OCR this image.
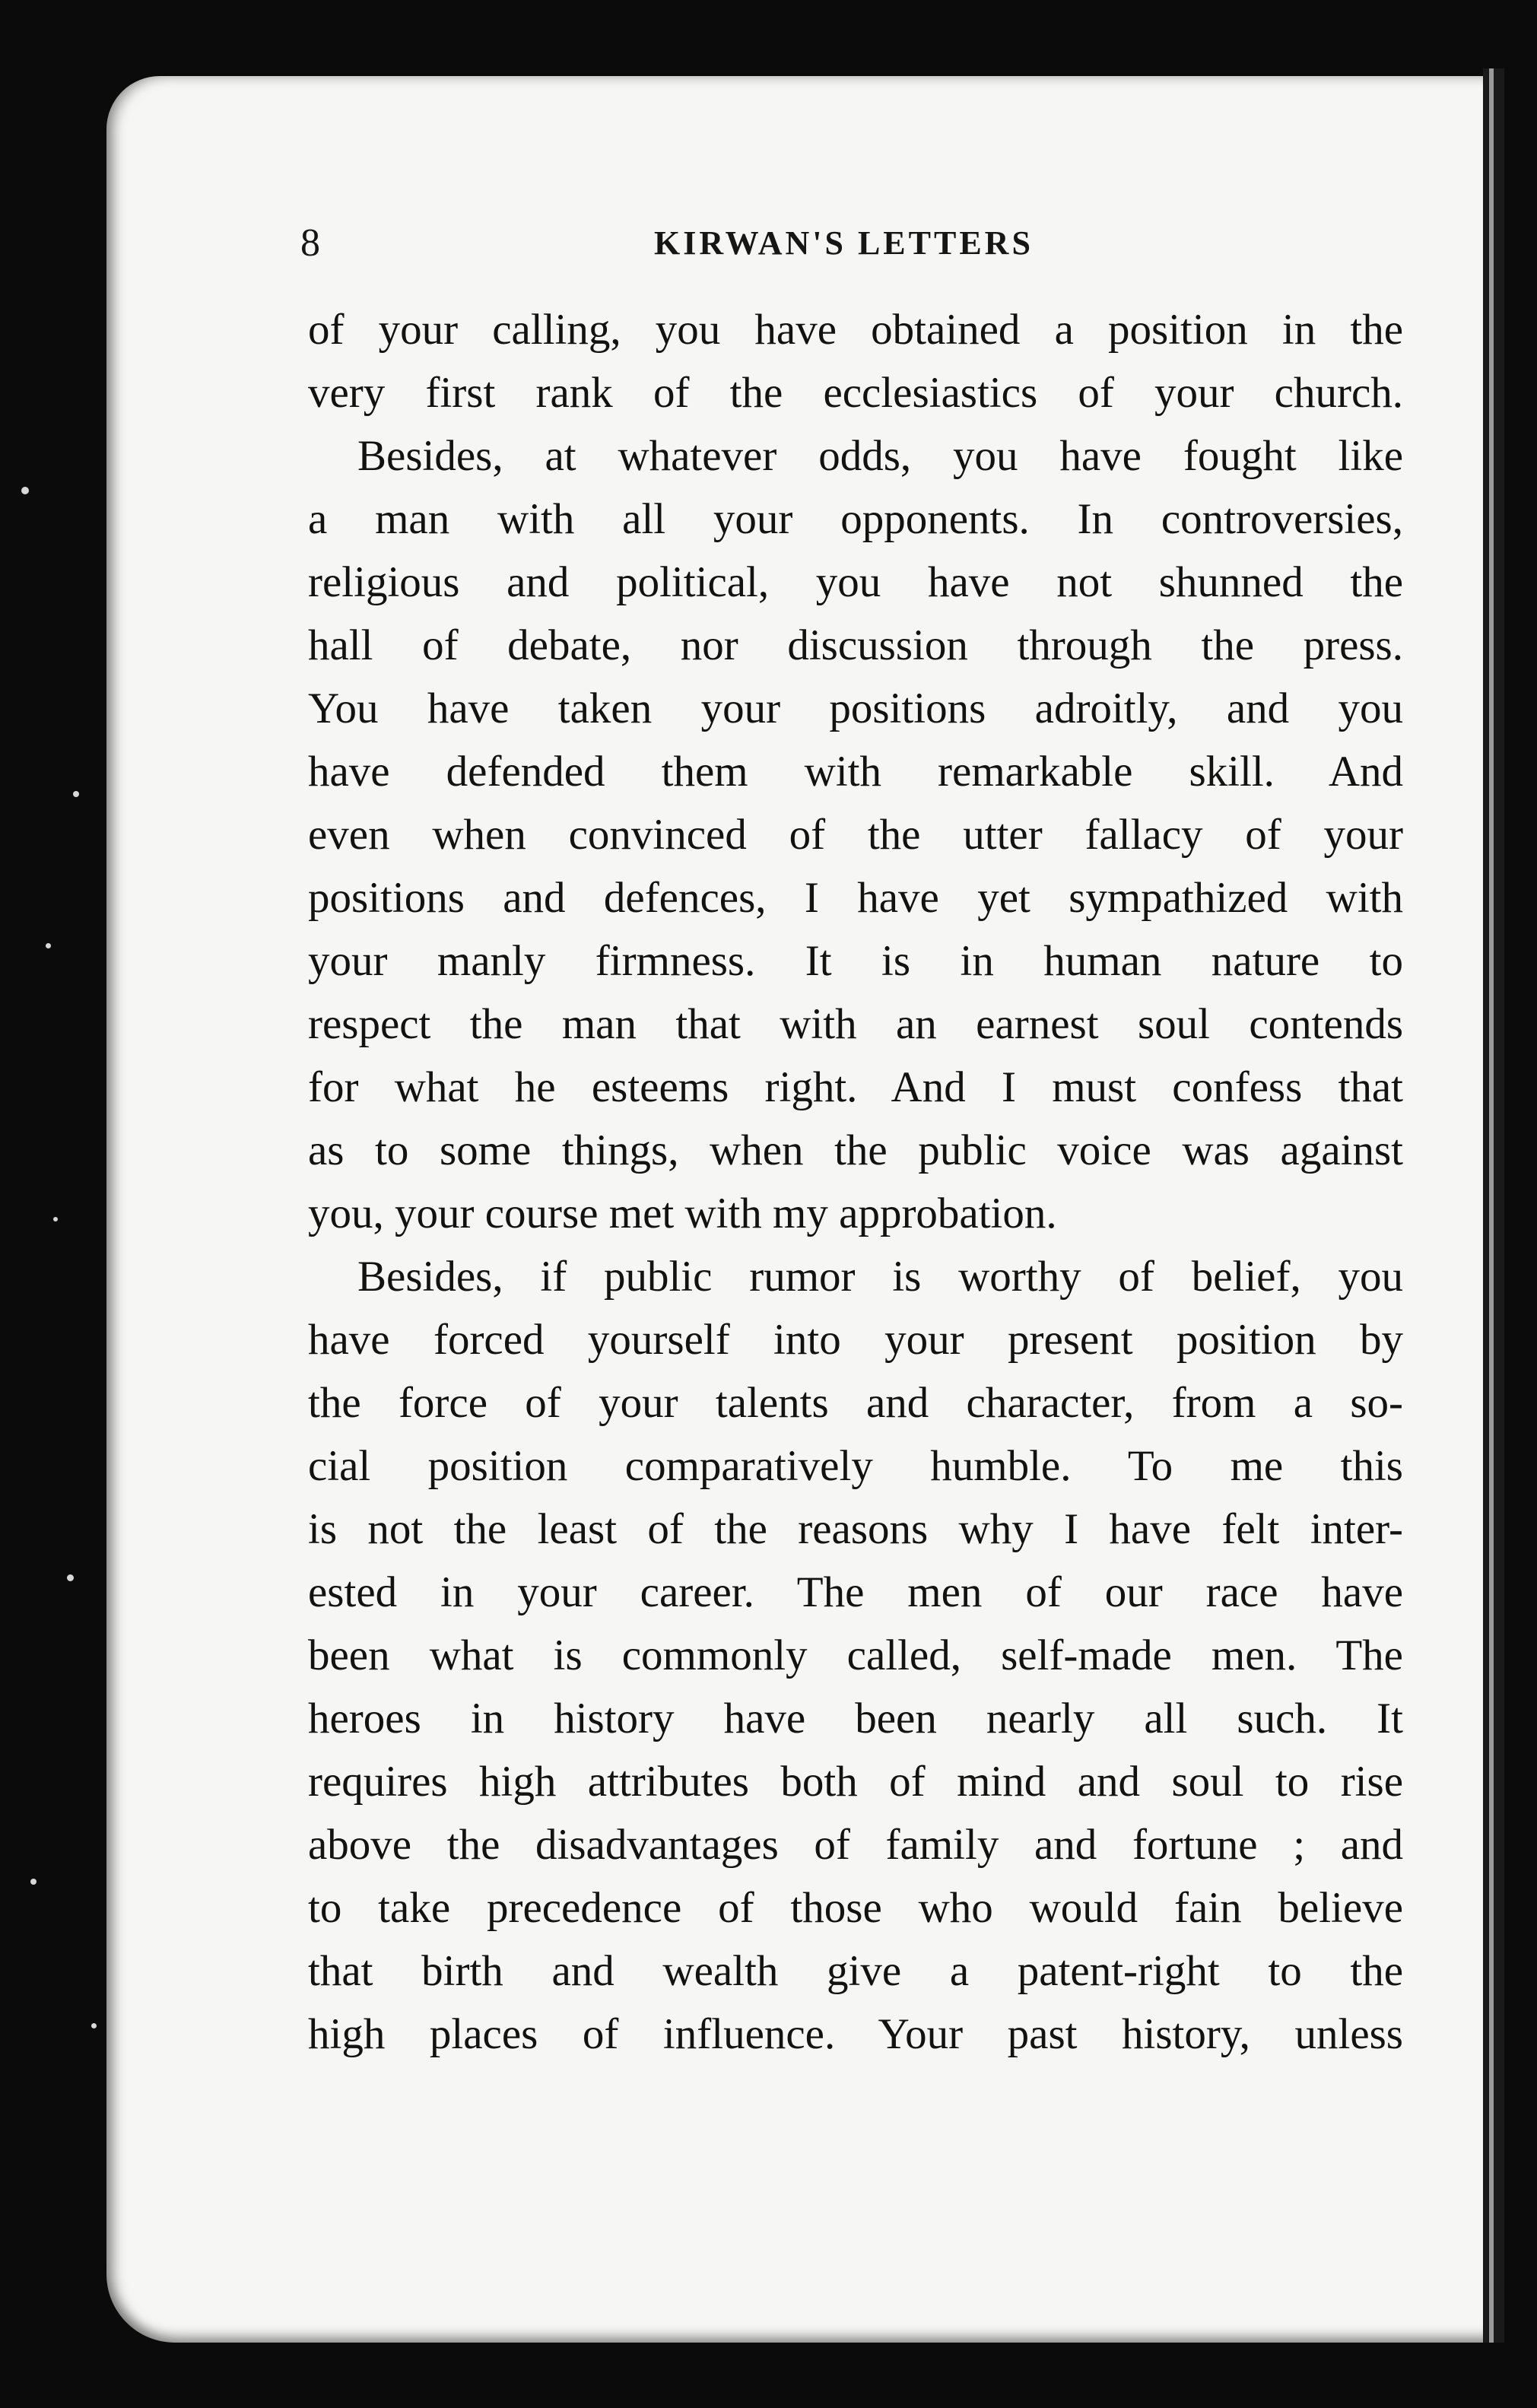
8	KIRWAN'S LETTERS
of your calling, you have obtained a position in the
very first rank of the ecclesiastics of your church.
Besides, at whatever odds, you have fought like
a man with all your opponents. In controversies,
religious and political, you have not shunned the
hall of debate, nor discussion through the press.
You have taken your positions adroitly, and you
have defended them with remarkable skill. And
even when convinced of the utter fallacy of your
positions and defences, I have yet sympathized with
your manly firmness. It is in human nature to
respect the man that with an earnest soul contends
for what he esteems right. And I must confess that
as to some things, when the public voice was against
you, your course met with my approbation.
Besides, if public rumor is worthy of belief, you
have forced yourself into your present position by
the force of your talents and character, from a so-
cial position comparatively humble. To me this
is not the least of the reasons why I have felt inter-
ested in your career. The men of our race have
been what is commonly called, self-made men. The
heroes in history have been nearly all such. It
requires high attributes both of mind and soul to rise
above the disadvantages of family and fortune ; and
to take precedence of those who would fain believe
that birth and wealth give a patent-right to the
high places of influence. Your past history, unless
